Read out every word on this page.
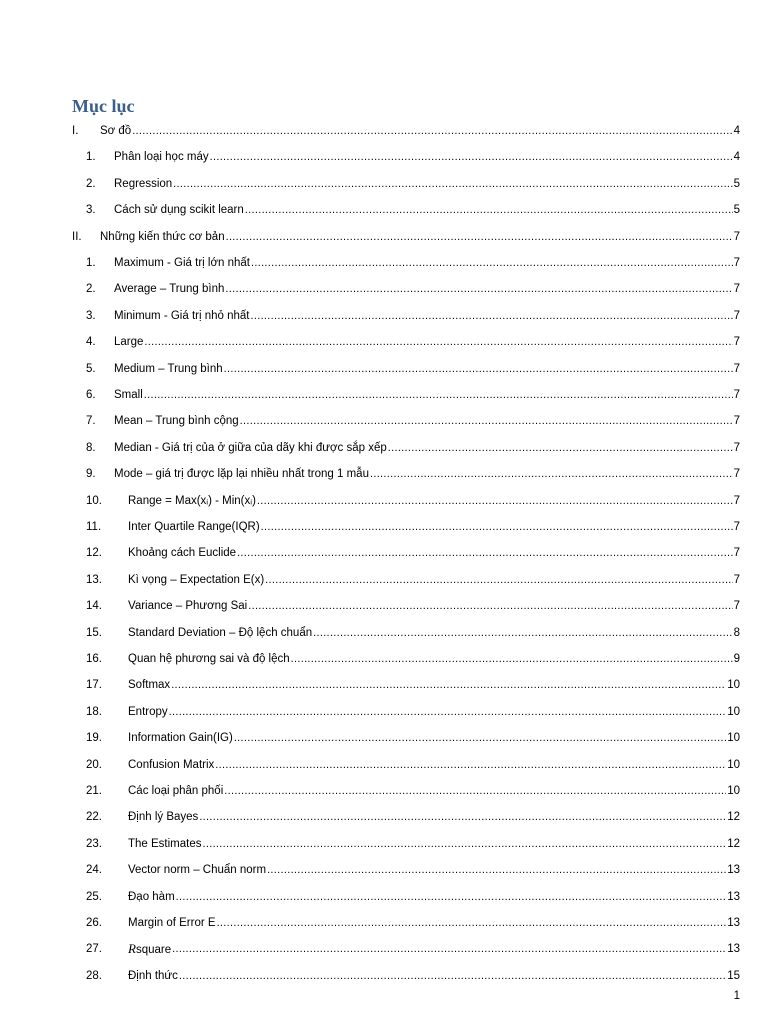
Mục lục
I.	Sơ đồ .....	4
1.	Phân loại học máy .....	4
2.	Regression .....	5
3.	Cách sử dụng scikit learn .....	5
II.	Những kiến thức cơ bản .....	7
1.	Maximum - Giá trị lớn nhất .....	7
2.	Average – Trung bình .....	7
3.	Minimum - Giá trị nhỏ nhất .....	7
4.	Large .....	7
5.	Medium – Trung bình .....	7
6.	Small .....	7
7.	Mean – Trung bình cộng .....	7
8.	Median - Giá trị của ở giữa của dãy khi được sắp xếp .....	7
9.	Mode – giá trị được lặp lại nhiều nhất trong 1 mẫu .....	7
10.	Range = Max(xᵢ) - Min(xᵢ) .....	7
11.	Inter Quartile Range(IQR) .....	7
12.	Khoảng cách Euclide .....	7
13.	Kì vọng – Expectation E(x) .....	7
14.	Variance – Phương Sai .....	7
15.	Standard Deviation – Độ lệch chuẩn .....	8
16.	Quan hệ phương sai và độ lệch .....	9
17.	Softmax .....	10
18.	Entropy .....	10
19.	Information Gain(IG) .....	10
20.	Confusion Matrix .....	10
21.	Các loại phân phối .....	10
22.	Định lý Bayes .....	12
23.	The Estimates .....	12
24.	Vector norm – Chuẩn norm .....	13
25.	Đạo hàm .....	13
26.	Margin of Error E .....	13
27.	Rsquare .....	13
28.	Định thức .....	15
1
